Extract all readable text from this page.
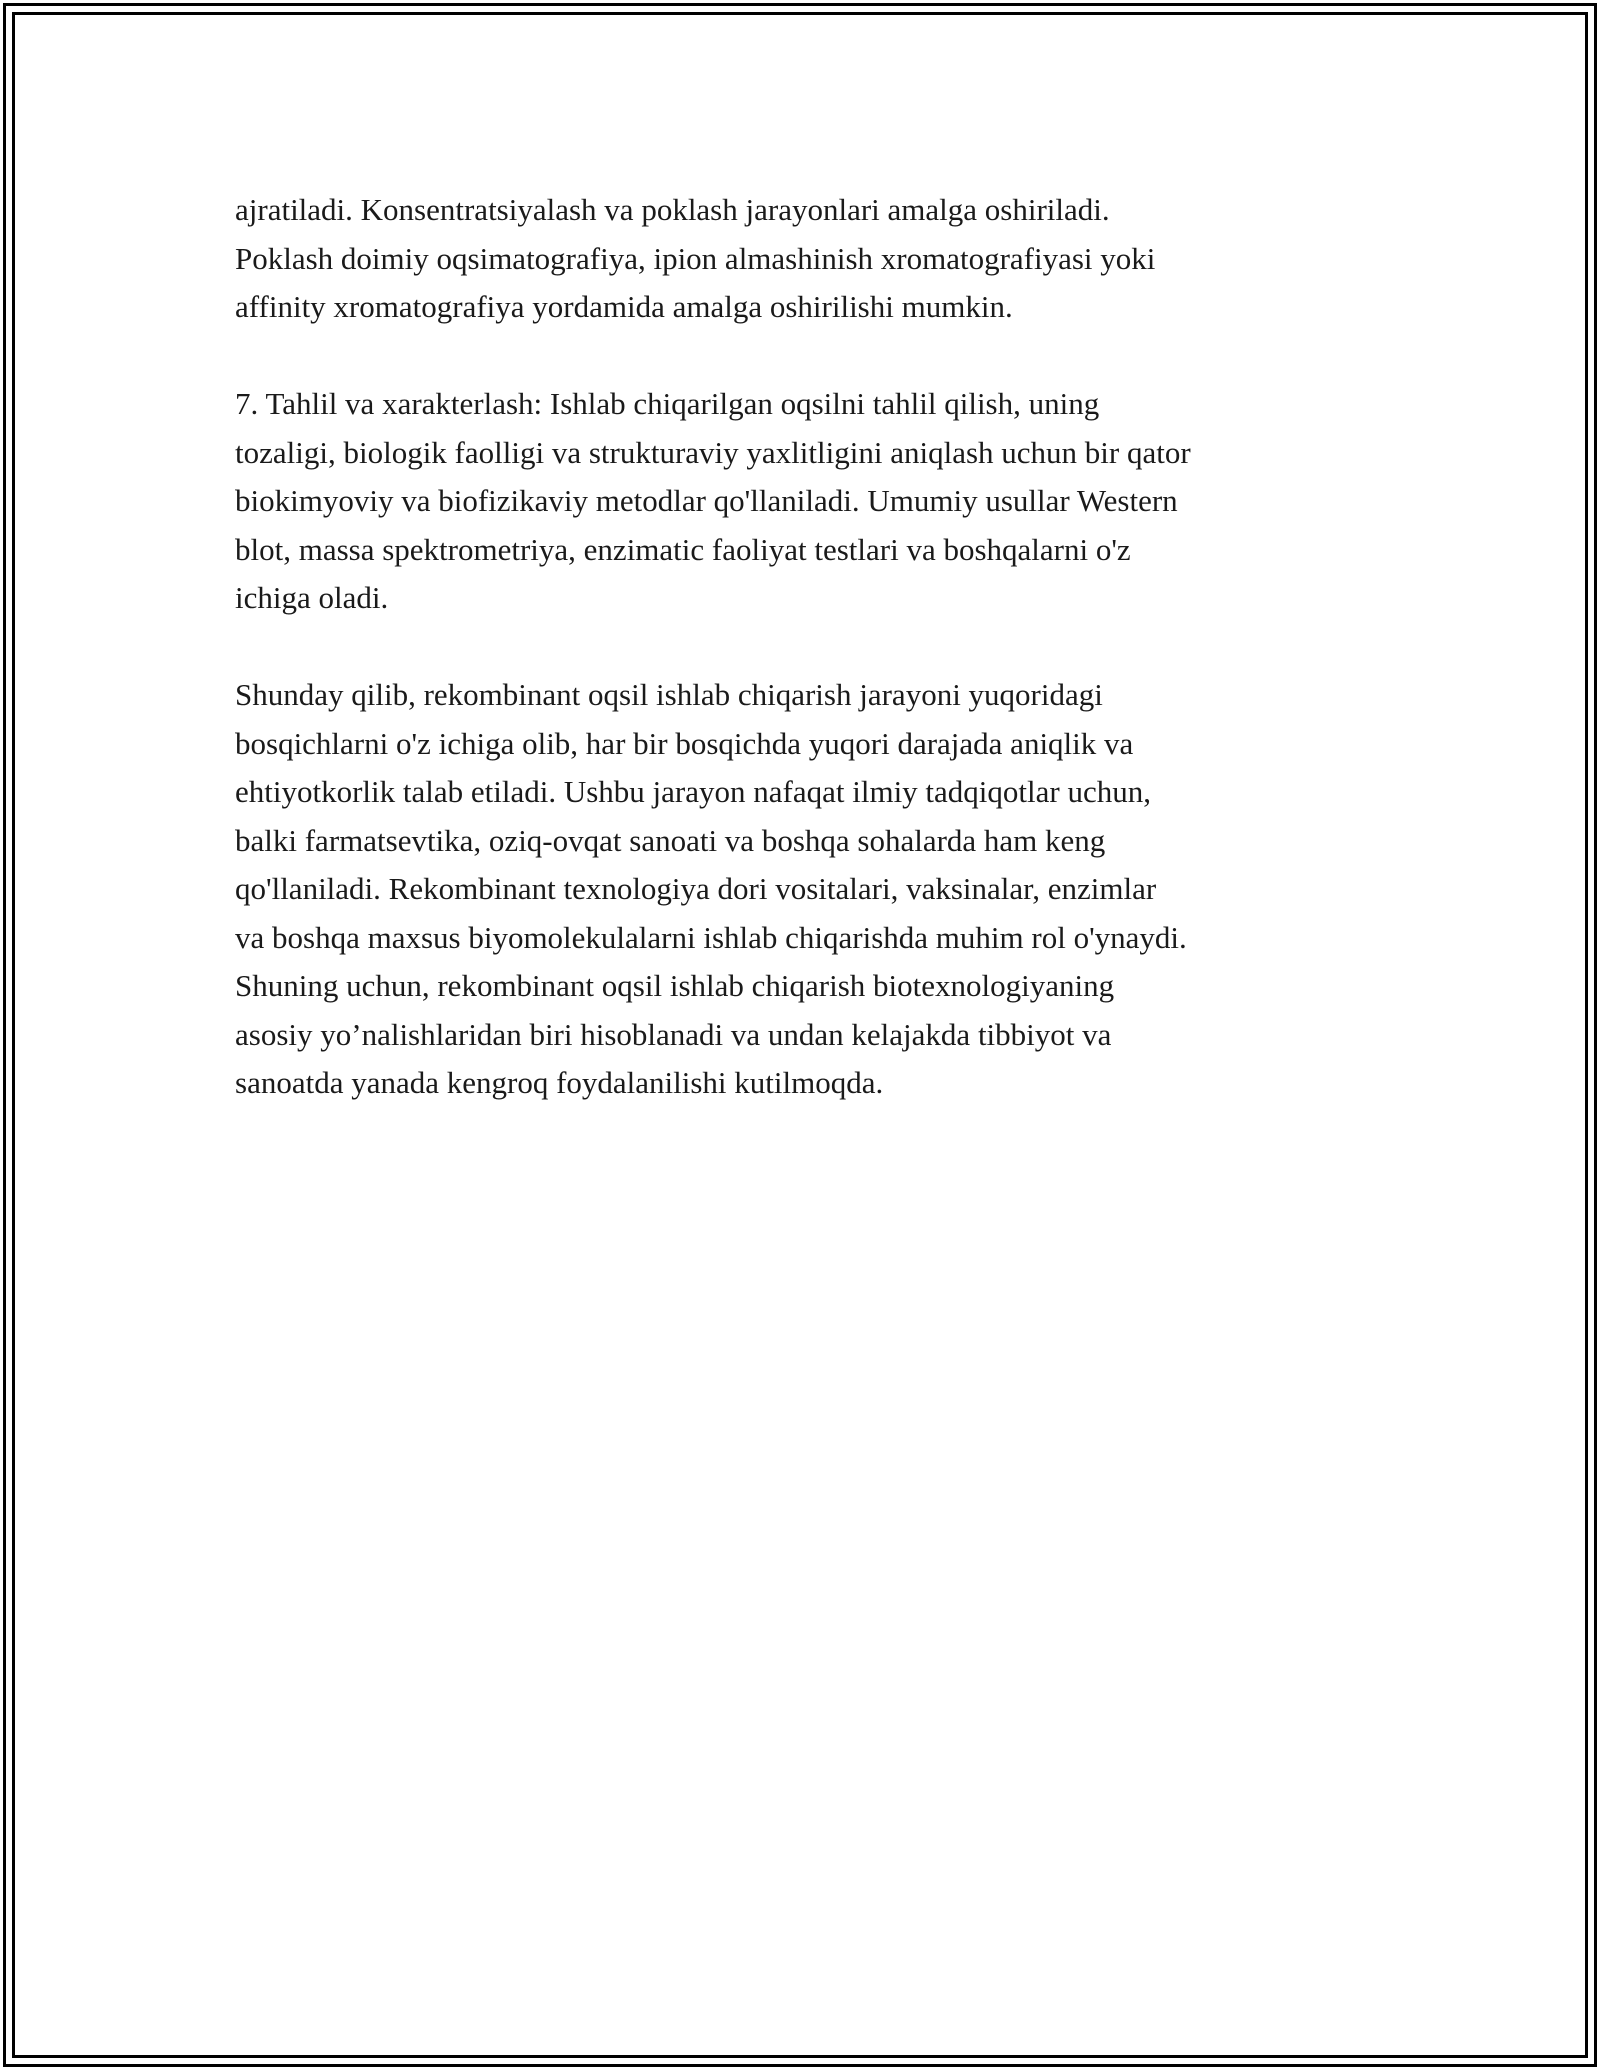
ajratiladi. Konsentratsiyalash va poklash jarayonlari amalga oshiriladi.
Poklash doimiy oqsimatografiya, ipion almashinish xromatografiyasi yoki
affinity xromatografiya yordamida amalga oshirilishi mumkin.

7. Tahlil va xarakterlash: Ishlab chiqarilgan oqsilni tahlil qilish, uning
tozaligi, biologik faolligi va strukturaviy yaxlitligini aniqlash uchun bir qator
biokimyoviy va biofizikaviy metodlar qo'llaniladi. Umumiy usullar Western
blot, massa spektrometriya, enzimatic faoliyat testlari va boshqalarni o'z
ichiga oladi.

Shunday qilib, rekombinant oqsil ishlab chiqarish jarayoni yuqoridagi
bosqichlarni o'z ichiga olib, har bir bosqichda yuqori darajada aniqlik va
ehtiyotkorlik talab etiladi. Ushbu jarayon nafaqat ilmiy tadqiqotlar uchun,
balki farmatsevtika, oziq-ovqat sanoati va boshqa sohalarda ham keng
qo'llaniladi. Rekombinant texnologiya dori vositalari, vaksinalar, enzimlar
va boshqa maxsus biyomolekulalarni ishlab chiqarishda muhim rol o'ynaydi.
Shuning uchun, rekombinant oqsil ishlab chiqarish biotexnologiyaning
asosiy yo’nalishlaridan biri hisoblanadi va undan kelajakda tibbiyot va
sanoatda yanada kengroq foydalanilishi kutilmoqda.
